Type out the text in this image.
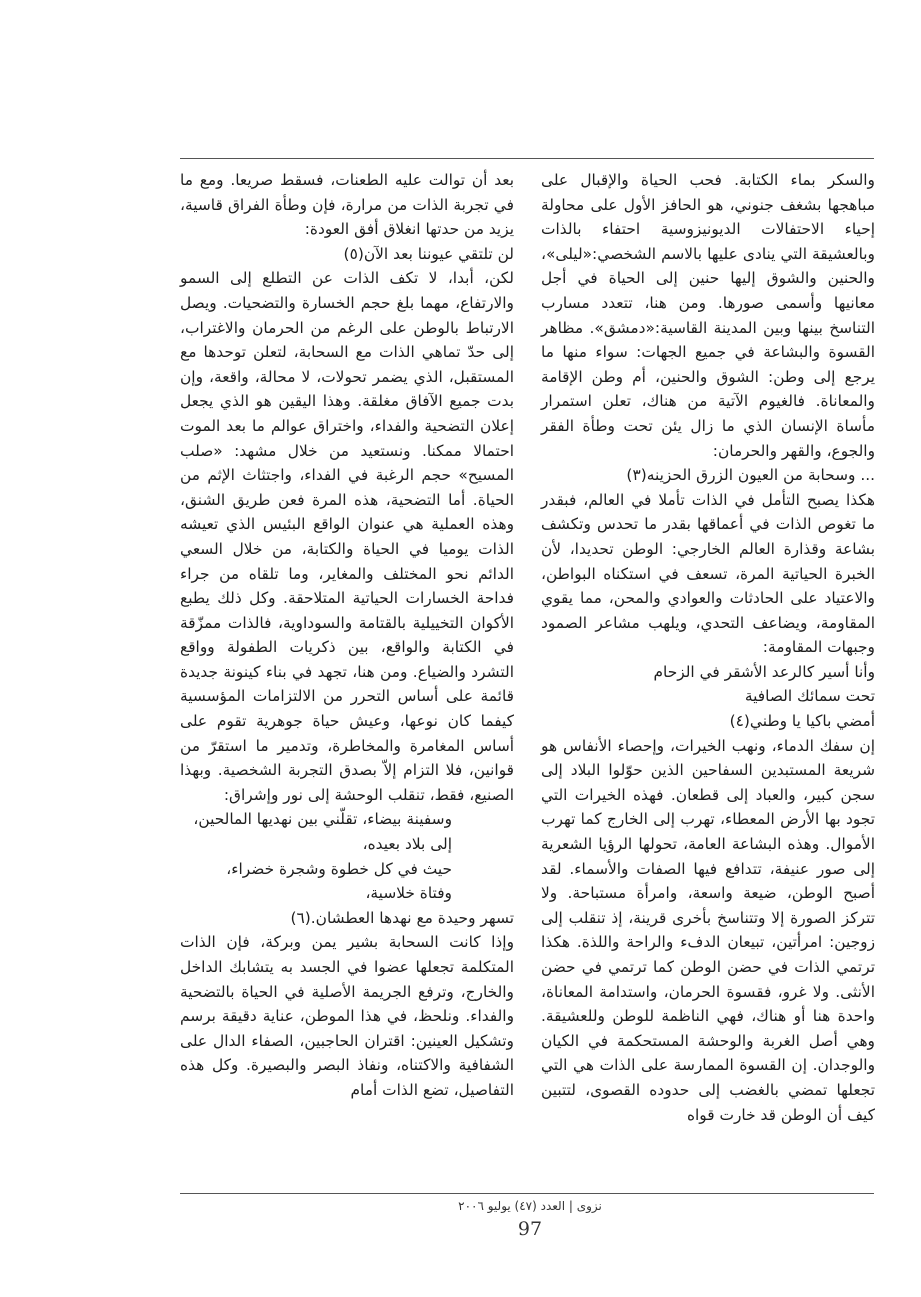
والسكر بماء الكتابة. فحب الحياة والإقبال على مباهجها بشغف جنوني، هو الحافز الأول على محاولة إحياء الاحتفالات الديونيزوسية احتفاء بالذات وبالعشيقة التي ينادى عليها بالاسم الشخصي:«ليلى»، والحنين والشوق إليها حنين إلى الحياة في أجل معانيها وأسمى صورها. ومن هنا، تتعدد مسارب التناسخ بينها وبين المدينة القاسية:«دمشق». مظاهر القسوة والبشاعة في جميع الجهات: سواء منها ما يرجع إلى وطن: الشوق والحنين، أم وطن الإقامة والمعاناة. فالغيوم الآتية من هناك، تعلن استمرار مأساة الإنسان الذي ما زال يئن تحت وطأة الفقر والجوع، والقهر والحرمان:

... وسحابة من العيون الزرق الحزينه(٣)

هكذا يصبح التأمل في الذات تأملا في العالم، فبقدر ما تغوص الذات في أعماقها بقدر ما تحدس وتكشف بشاعة وقذارة العالم الخارجي: الوطن تحديدا، لأن الخبرة الحياتية المرة، تسعف في استكناه البواطن، والاعتياد على الحادثات والعوادي والمحن، مما يقوي المقاومة، ويضاعف التحدي، ويلهب مشاعر الصمود وجبهات المقاومة:

وأنا أسير كالرعد الأشقر في الزحام

تحت سمائك الصافية

أمضي باكيا يا وطني(٤)

إن سفك الدماء، ونهب الخيرات، وإحصاء الأنفاس هو شريعة المستبدين السفاحين الذين حوّلوا البلاد إلى سجن كبير، والعباد إلى قطعان. فهذه الخيرات التي تجود بها الأرض المعطاء، تهرب إلى الخارج كما تهرب الأموال. وهذه البشاعة العامة، تحولها الرؤيا الشعرية إلى صور عنيفة، تتدافع فيها الصفات والأسماء. لقد أصبح الوطن، ضيعة واسعة، وامرأة مستباحة. ولا تتركز الصورة إلا وتتناسخ بأخرى قرينة، إذ تنقلب إلى زوجين: امرأتين، تبيعان الدفء والراحة واللذة. هكذا ترتمي الذات في حضن الوطن كما ترتمي في حضن الأنثى. ولا غرو، فقسوة الحرمان، واستدامة المعاناة، واحدة هنا أو هناك، فهي الناظمة للوطن وللعشيقة. وهي أصل الغربة والوحشة المستحكمة في الكيان والوجدان. إن القسوة الممارسة على الذات هي التي تجعلها تمضي بالغضب إلى حدوده القصوى، لتتبين كيف أن الوطن قد خارت قواه

بعد أن توالت عليه الطعنات، فسقط صريعا. ومع ما في تجربة الذات من مرارة، فإن وطأة الفراق قاسية، يزيد من حدتها انغلاق أفق العودة:

لن تلتقي عيوننا بعد الآن(٥)

لكن، أبدا، لا تكف الذات عن التطلع إلى السمو والارتفاع، مهما بلغ حجم الخسارة والتضحيات. ويصل الارتباط بالوطن على الرغم من الحرمان والاغتراب، إلى حدّ تماهي الذات مع السحابة، لتعلن توحدها مع المستقبل، الذي يضمر تحولات، لا محالة، واقعة، وإن بدت جميع الآفاق مغلقة. وهذا اليقين هو الذي يجعل إعلان التضحية والفداء، واختراق عوالم ما بعد الموت احتمالا ممكنا. ونستعيد من خلال مشهد: «صلب المسيح» حجم الرغبة في الفداء، واجتثاث الإثم من الحياة. أما التضحية، هذه المرة فعن طريق الشنق، وهذه العملية هي عنوان الواقع البئيس الذي تعيشه الذات يوميا في الحياة والكتابة، من خلال السعي الدائم نحو المختلف والمغاير، وما تلقاه من جراء فداحة الخسارات الحياتية المتلاحقة. وكل ذلك يطبع الأكوان التخييلية بالقتامة والسوداوية، فالذات ممزّقة في الكتابة والواقع، بين ذكريات الطفولة وواقع التشرد والضياع. ومن هنا، تجهد في بناء كينونة جديدة قائمة على أساس التحرر من الالتزامات المؤسسية كيفما كان نوعها، وعيش حياة جوهرية تقوم على أساس المغامرة والمخاطرة، وتدمير ما استقرّ من قوانين، فلا التزام إلاّ بصدق التجربة الشخصية. وبهذا الصنيع، فقط، تنقلب الوحشة إلى نور وإشراق:

وسفينة بيضاء، تقلّني بين نهديها المالحين،

إلى بلاد بعيده،

حيث في كل خطوة وشجرة خضراء،

وفتاة خلاسية،

تسهر وحيدة مع نهدها العطشان.(٦)

وإذا كانت السحابة بشير يمن وبركة، فإن الذات المتكلمة تجعلها عضوا في الجسد به يتشابك الداخل والخارج، وترفع الجريمة الأصلية في الحياة بالتضحية والفداء. ونلحظ، في هذا الموطن، عناية دقيقة برسم وتشكيل العينين: اقتران الحاجبين، الصفاء الدال على الشفافية والاكتناه، ونفاذ البصر والبصيرة. وكل هذه التفاصيل، تضع الذات أمام

نزوى | العدد (٤٧) يوليو ٢٠٠٦
97
